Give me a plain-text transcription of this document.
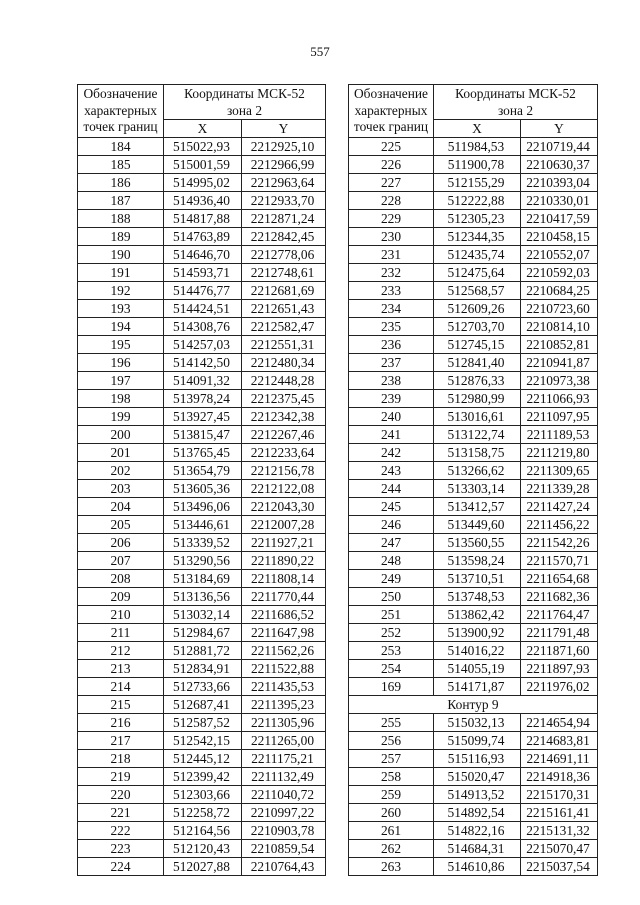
557
Обозначение
характерных
точек границ	Координаты МСК-52
зона 2	
	X	Y
184	515022,93	2212925,10
185	515001,59	2212966,99
186	514995,02	2212963,64
187	514936,40	2212933,70
188	514817,88	2212871,24
189	514763,89	2212842,45
190	514646,70	2212778,06
191	514593,71	2212748,61
192	514476,77	2212681,69
193	514424,51	2212651,43
194	514308,76	2212582,47
195	514257,03	2212551,31
196	514142,50	2212480,34
197	514091,32	2212448,28
198	513978,24	2212375,45
199	513927,45	2212342,38
200	513815,47	2212267,46
201	513765,45	2212233,64
202	513654,79	2212156,78
203	513605,36	2212122,08
204	513496,06	2212043,30
205	513446,61	2212007,28
206	513339,52	2211927,21
207	513290,56	2211890,22
208	513184,69	2211808,14
209	513136,56	2211770,44
210	513032,14	2211686,52
211	512984,67	2211647,98
212	512881,72	2211562,26
213	512834,91	2211522,88
214	512733,66	2211435,53
215	512687,41	2211395,23
216	512587,52	2211305,96
217	512542,15	2211265,00
218	512445,12	2211175,21
219	512399,42	2211132,49
220	512303,66	2211040,72
221	512258,72	2210997,22
222	512164,56	2210903,78
223	512120,43	2210859,54
224	512027,88	2210764,43
Обозначение
характерных
точек границ	Координаты МСК-52
зона 2	
	X	Y
225	511984,53	2210719,44
226	511900,78	2210630,37
227	512155,29	2210393,04
228	512222,88	2210330,01
229	512305,23	2210417,59
230	512344,35	2210458,15
231	512435,74	2210552,07
232	512475,64	2210592,03
233	512568,57	2210684,25
234	512609,26	2210723,60
235	512703,70	2210814,10
236	512745,15	2210852,81
237	512841,40	2210941,87
238	512876,33	2210973,38
239	512980,99	2211066,93
240	513016,61	2211097,95
241	513122,74	2211189,53
242	513158,75	2211219,80
243	513266,62	2211309,65
244	513303,14	2211339,28
245	513412,57	2211427,24
246	513449,60	2211456,22
247	513560,55	2211542,26
248	513598,24	2211570,71
249	513710,51	2211654,68
250	513748,53	2211682,36
251	513862,42	2211764,47
252	513900,92	2211791,48
253	514016,22	2211871,60
254	514055,19	2211897,93
169	514171,87	2211976,02
Контур 9		
255	515032,13	2214654,94
256	515099,74	2214683,81
257	515116,93	2214691,11
258	515020,47	2214918,36
259	514913,52	2215170,31
260	514892,54	2215161,41
261	514822,16	2215131,32
262	514684,31	2215070,47
263	514610,86	2215037,54
